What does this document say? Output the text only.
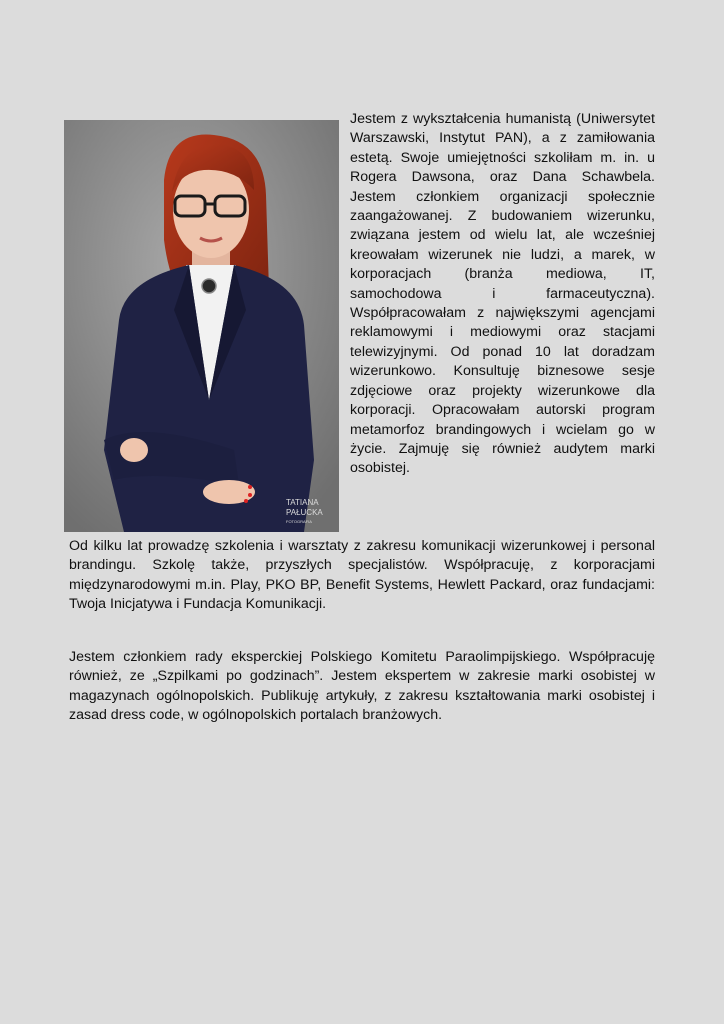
TATIANA
PAŁUCKA
FOTOGRAFIA

Jestem z wykształcenia humanistą (Uniwersytet Warszawski, Instytut PAN), a z zamiłowania estetą. Swoje umiejętności szkoliłam m. in. u Rogera Dawsona, oraz Dana Schawbela. Jestem członkiem organizacji społecznie zaangażowanej. Z budowaniem wizerunku, związana jestem od wielu lat, ale wcześniej kreowałam wizerunek nie ludzi, a marek, w korporacjach (branża mediowa, IT, samochodowa i farmaceutyczna). Współpracowałam z największymi agencjami reklamowymi i mediowymi oraz stacjami telewizyjnymi. Od ponad 10 lat doradzam wizerunkowo. Konsultuję biznesowe sesje zdjęciowe oraz projekty wizerunkowe dla korporacji. Opracowałam autorski program metamorfoz brandingowych i wcielam go w życie. Zajmuję się również audytem marki osobistej.

Od kilku lat prowadzę szkolenia i warsztaty z zakresu komunikacji wizerunkowej i personal brandingu. Szkolę także, przyszłych specjalistów. Współpracuję, z korporacjami międzynarodowymi m.in. Play, PKO BP, Benefit Systems, Hewlett Packard, oraz fundacjami: Twoja Inicjatywa i Fundacja Komunikacji.

Jestem członkiem rady eksperckiej Polskiego Komitetu Paraolimpijskiego. Współpracuję również, ze „Szpilkami po godzinach”. Jestem ekspertem w zakresie marki osobistej w magazynach ogólnopolskich. Publikuję artykuły, z zakresu kształtowania marki osobistej i zasad dress code, w ogólnopolskich portalach branżowych.
